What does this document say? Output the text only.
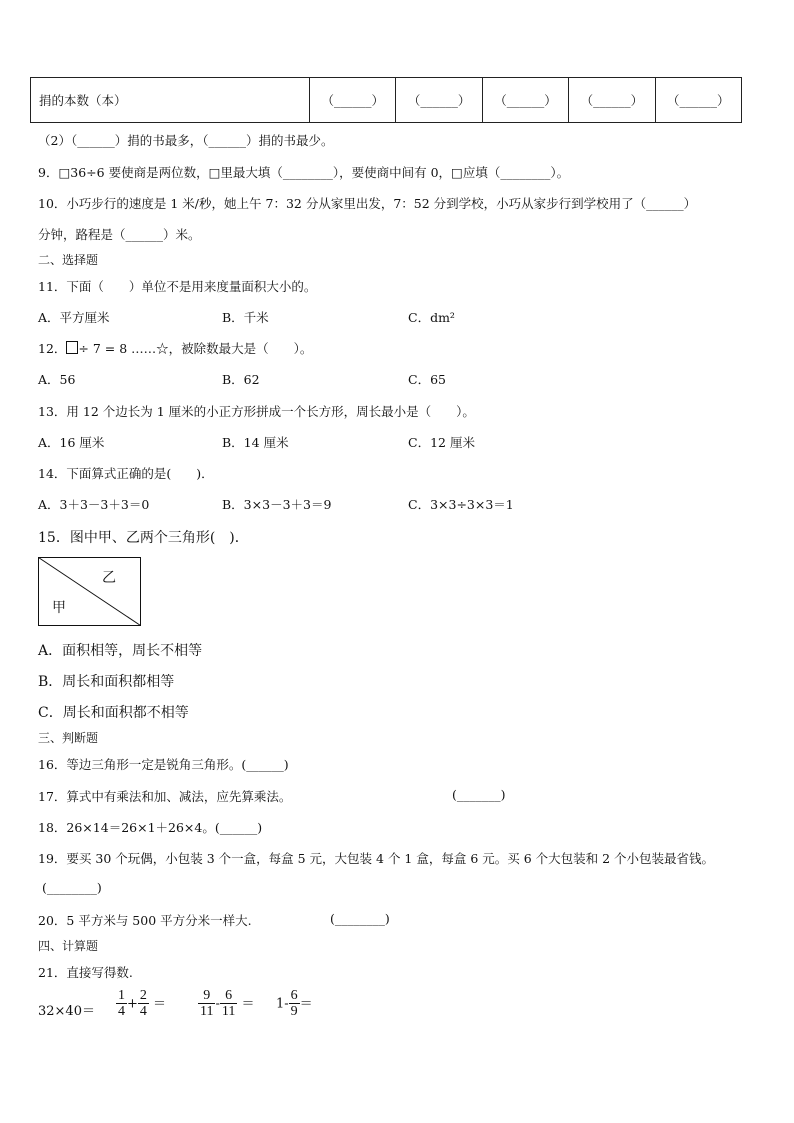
捐的本数（本）	（______）	（______）	（______）	（______）	（______）
（2）（______）捐的书最多，（______）捐的书最少。
9．□36÷6 要使商是两位数，□里最大填（________），要使商中间有 0，□应填（________）。
10．小巧步行的速度是 1 米/秒，她上午 7：32 分从家里出发，7：52 分到学校，小巧从家步行到学校用了（______）
分钟，路程是（______）米。
二、选择题
11．下面（　　）单位不是用来度量面积大小的。
A．平方厘米	B．千米	C．dm²
12． ÷ 7 = 8 ……☆，被除数最大是（　　）。
A．56	B．62	C．65
13．用 12 个边长为 1 厘米的小正方形拼成一个长方形，周长最小是（　　）。
A．16 厘米	B．14 厘米	C．12 厘米
14．下面算式正确的是(　　)．
A．3＋3－3＋3＝0	B．3×3－3＋3＝9	C．3×3÷3×3＝1
15．图中甲、乙两个三角形(　)．
乙
甲
A．面积相等，周长不相等
B．周长和面积都相等
C．周长和面积都不相等
三、判断题
16．等边三角形一定是锐角三角形。(______)
17．算式中有乘法和加、减法，应先算乘法。	(_______)
18．26×14＝26×1＋26×4。(______)
19．要买 30 个玩偶，小包装 3 个一盒，每盒 5 元，大包装 4 个 1 盒，每盒 6 元。买 6 个大包装和 2 个小包装最省钱。
(________)
20．5 平方米与 500 平方分米一样大.	(________)
四、计算题
21．直接写得数.
$32\times 40= \frac{1}{4} + \frac{2}{4} = \frac{9}{11} - \frac{6}{11} = 1- \frac{6}{9}$ ＝
